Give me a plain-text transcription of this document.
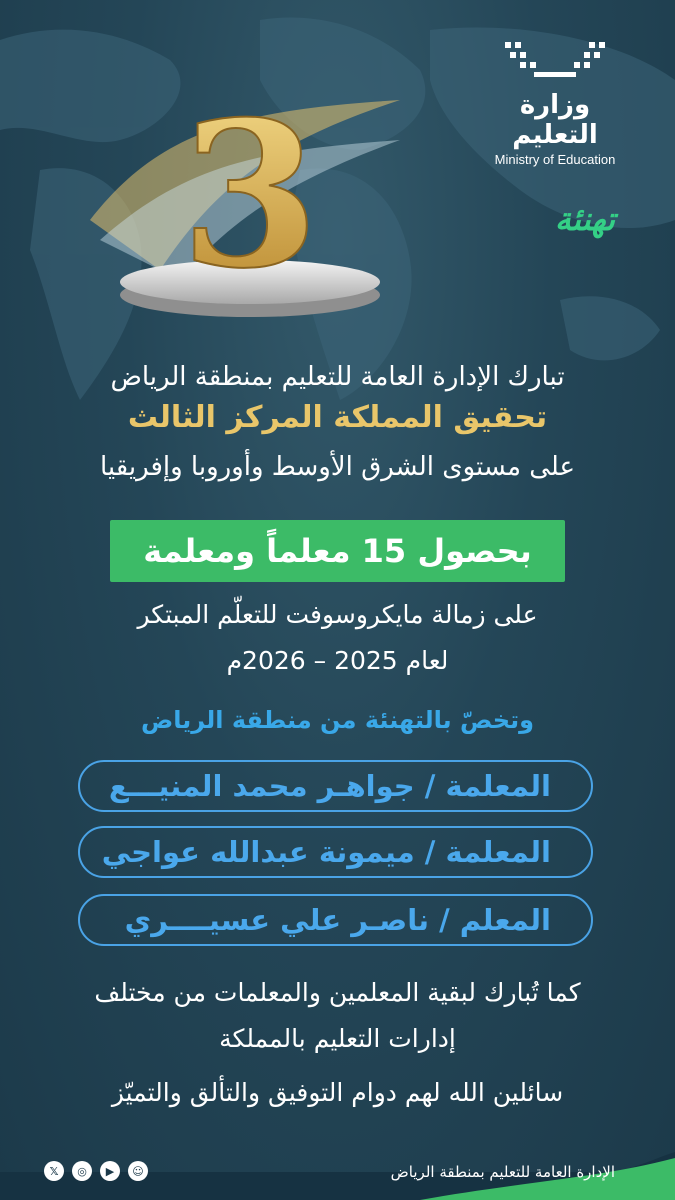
وزارة التعليم
Ministry of Education
3	تهنئة
تبارك الإدارة العامة للتعليم بمنطقة الرياض
تحقيق المملكة المركز الثالث
على مستوى الشرق الأوسط وأوروبا وإفريقيا
بحصول 15 معلماً ومعلمة
على زمالة مايكروسوفت للتعلّم المبتكر
لعام 2025 – 2026م
وتخصّ بالتهنئة من منطقة الرياض
المعلمة / جواهـر محمد المنيـــع
المعلمة / ميمونة عبدالله عواجي
المعلم / ناصـر علي عسيــــري
كما تُبارك لبقية المعلمين والمعلمات من مختلف
إدارات التعليم بالمملكة
سائلين الله لهم دوام التوفيق والتألق والتميّز
الإدارة العامة للتعليم بمنطقة الرياض
𝕏	◎	▶	☺
